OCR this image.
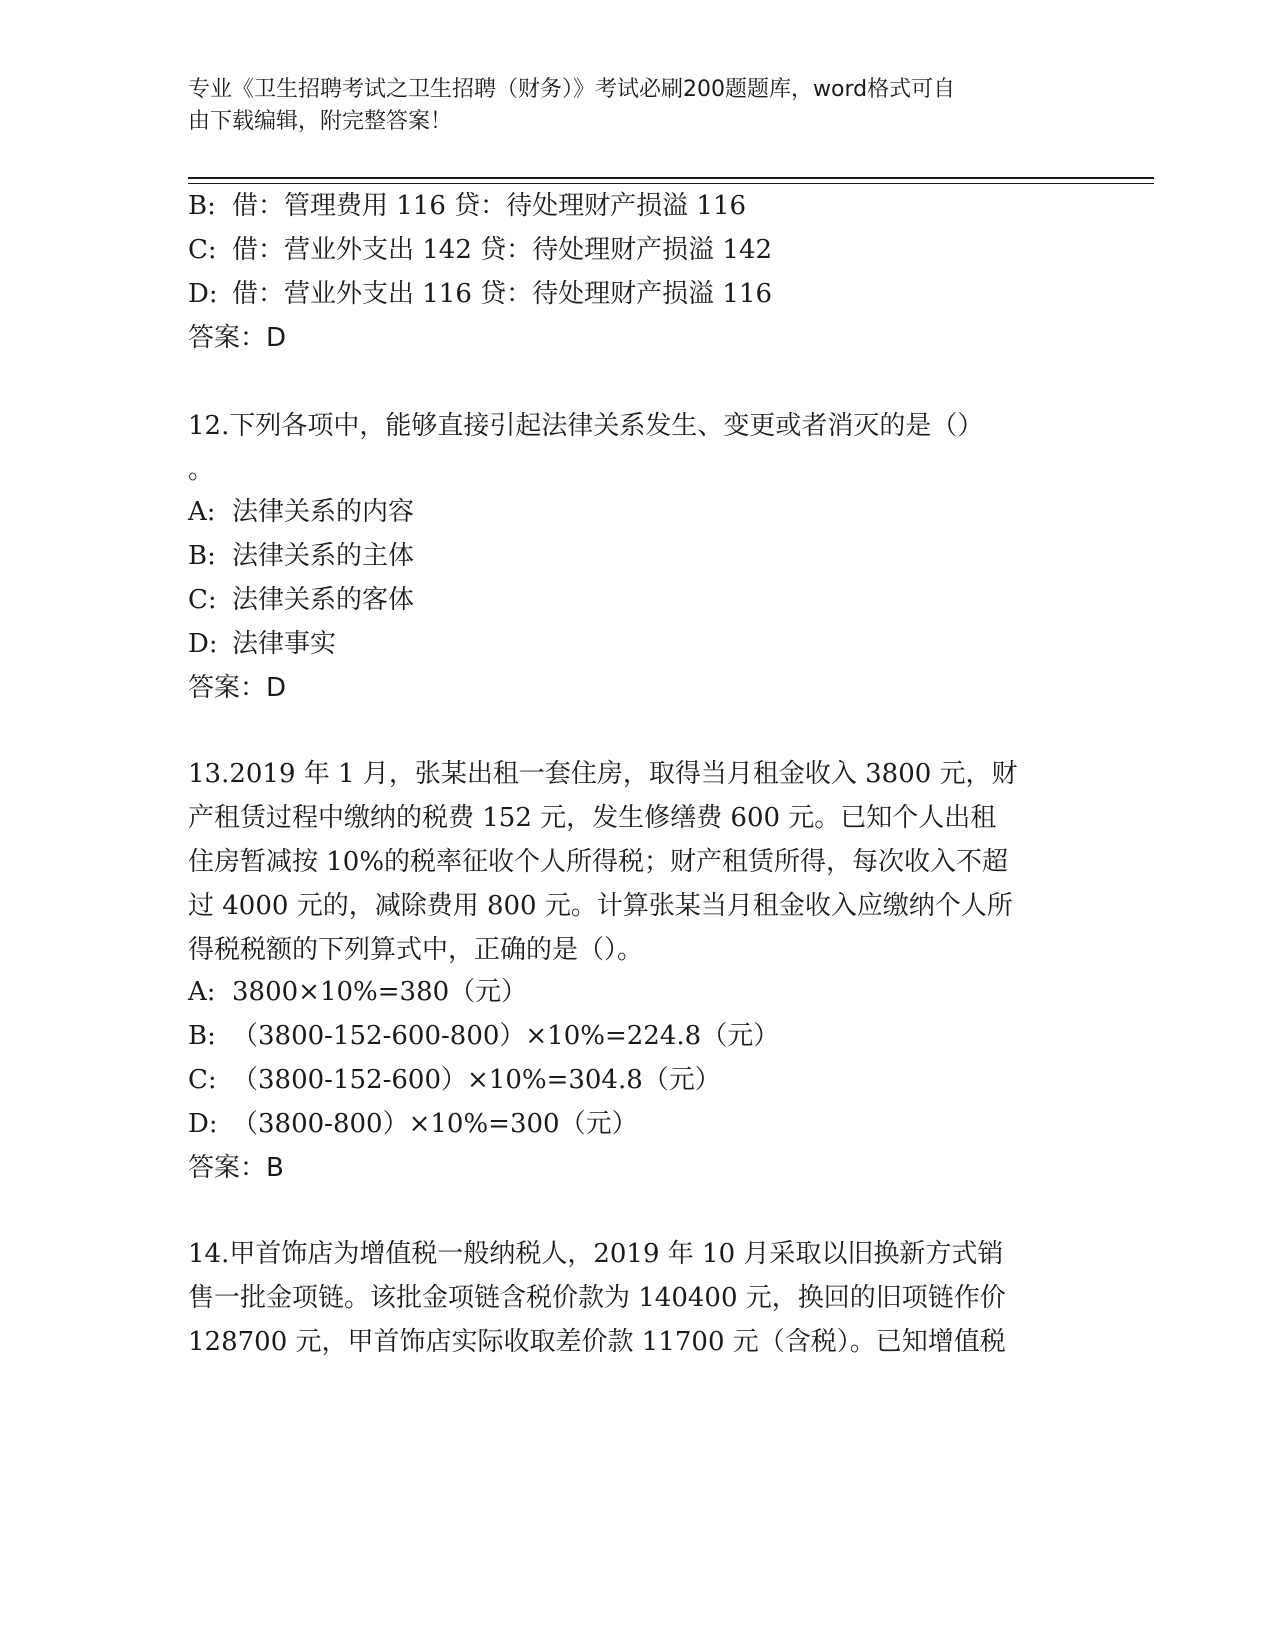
专业《卫生招聘考试之卫生招聘（财务）》考试必刷200题题库，word格式可自
由下载编辑，附完整答案！
B: 借：管理费用 116 贷：待处理财产损溢 116
C: 借：营业外支出 142 贷：待处理财产损溢 142
D: 借：营业外支出 116 贷：待处理财产损溢 116
答案：D
12.下列各项中，能够直接引起法律关系发生、变更或者消灭的是（）
。
A: 法律关系的内容
B: 法律关系的主体
C: 法律关系的客体
D: 法律事实
答案：D
13.2019 年 1 月，张某出租一套住房，取得当月租金收入 3800 元，财
产租赁过程中缴纳的税费 152 元，发生修缮费 600 元。已知个人出租
住房暂减按 10%的税率征收个人所得税；财产租赁所得，每次收入不超
过 4000 元的，减除费用 800 元。计算张某当月租金收入应缴纳个人所
得税税额的下列算式中，正确的是（）。
A: 3800×10%=380（元）
B: （3800-152-600-800）×10%=224.8（元）
C: （3800-152-600）×10%=304.8（元）
D: （3800-800）×10%=300（元）
答案：B
14.甲首饰店为增值税一般纳税人，2019 年 10 月采取以旧换新方式销
售一批金项链。该批金项链含税价款为 140400 元，换回的旧项链作价
128700 元，甲首饰店实际收取差价款 11700 元（含税）。已知增值税
